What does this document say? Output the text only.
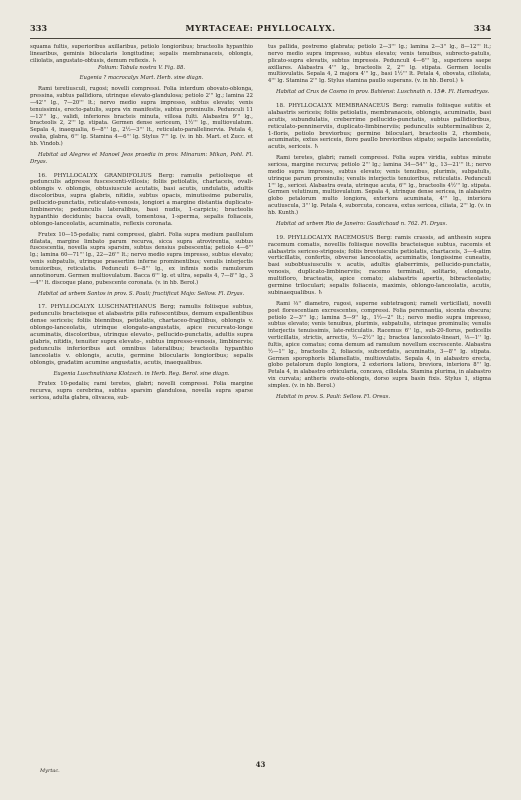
333	MYRTACEAE: PHYLLOCALYX.	334

squama fultis, superioribus axillaribus, petiolo longioribus; bracteolis hypanthio linearibus, geminis bilocularis longitudine; sepalis membranaceis, oblongis, ciliolatis, angustato-obtusis, demum reflexis. ♄

Folium: Tabula nostra V. Fig. 88.

Eugenia ? macrocalyx Mart. Herb. sine diagn.

Rami teretiusculi, rugosi; novelli compressi. Folia interdum obovato-oblonga, pressina, subtus pallidiora, utrinque elevato-glandulosa; petiolo 2''' lg.; lamina 22—42''' lg., 7—20''' lt.; nervo medio supra impresso, subtus elevato; venis tenuissimis, erecto-patulis, supra vix manifestis, subtus prominulis. Pedunculi 11—13''' lg., validi, inferiores bracteis minuta, villosa fulti. Alabastra 9''' lg., bracteolis 2, 2''' lg. stipata. Germen dense sericeum, 1½''' lg., multiovulatum. Sepala 4, inaequalia, 6—8''' lg., 2½—3''' lt., reticulato-parallelinervia. Petala 4, ovalia, glabra, 6''' lg. Stamina 4—6''' lg. Stylus 7''' lg. (v. in hb. Mart. et Zucc. et hb. Vindob.)

Habitat ad Alegres et Manoel Jeos praedia in prov. Minarum: Mikan, Pohl. Fl. Dryas.

16. PHYLLOCALYX GRANDIFOLIUS Berg: ramulis petiolisque et pedunculis adpresse fuscescenti-villosis; foliis petiolatis, chartaceis, ovali-oblongis v. oblongis, obtusiuscule acutatis, basi acutis, undulatis, adultis discoloribus, supra glabris, nitidis, subtus opacis, minutissime puberulis, pellucido-punctatis, reticulato-venosis, longiori a margine distantia duplicato-limbinervis; pedunculis lateralibus, basi nudis, 1-carpicis; bracteolis hypanthio decidunis; bacca ovali, tomentosa, 1-sperma, sepalis foliaceis, oblongo-lanceolatis, acuminatis, reflexis coronata.

Frutex 10—15-pedalis; rami compressi, glabri. Folia supra medium paullulum dilatata, margine limbato parum recurva, sicca supra atrovirentia, subtus fuscescentia, novella supra sparsim, subtus densius pubescentia; petiolo 4—6''' lg.; lamina 60—71''' lg., 22—26''' lt.; nervo medio supra impresso, subtus elevato; venis subpatulis, utrinque praesertim inferne prominentibus; venulis interjectis tenuioribus, reticulatis. Pedunculi 6—8''' lg., ex infimis nodis ramulorum annotinorum. Germen multiovulatum. Bacca 6''' lg. et ultra, sepalis 4, 7—8''' lg., 3—4''' lt. discoque plano, pubescente coronata. (v. in hb. Berol.)

Habitat ad urbem Santos in prov. S. Pauli; fructificat Majo: Sellow. Fl. Dryas.

17. PHYLLOCALYX LUSCHNATHIANUS Berg; ramulis foliisque subtus, pedunculis bracteisque et alabastris pilis rufescentibus, demum expallentibus dense sericeis; foliis biennibus, petiolatis, chartaceo-fragilibus, oblongis v. oblongo-lanceolatis, utrinque elongato-angustatis, apice recurvato-longe acuminatis, discoloribus, utrinque elevato-, pellucido-punctatis, adultis supra glabris, nitidis, tenuiter supra elevato-, subtus impresso-venosis, limbinervis; pedunculis inferioribus aut omnibus lateralibus; bracteolis hypanthio lanceolatis v. oblongis, acutis, germine bilocularis longioribus; sepalis oblongis, gradatim acumine angustatis, acutis, inaequalibus.

Eugenia Luschnathiana Klotzsch. in Herb. Reg. Berol. sine diagn.

Frutex 10-pedalis; rami teretes, glabri; novelli compressi. Folia margine recurva, supra cerebrina, subtus sparsim glandulosa, novella supra sparse sericea, adulta glabra, olivacea, sub-

tus pallida, postremo glabrata; petiolo 2—3''' lg.; lamina 2—3'' lg., 8—12''' lt.; nervo medio supra impresso, subtus elevato; venis tenuibus, subrecto-patulis, plicato-supra elevatis, subtus impressis. Pedunculi 4—6''' lg., superiores saepe axillares. Alabastra 4''' lg., bracteolis 2, 2''' lg. stipata. Germen loculis multiovulatis. Sepala 4, 2 majora 4''' lg., basi 1½''' lt. Petala 4, obovata, ciliolata, 4''' lg. Stamina 2''' lg. Stylus stamina paullo superans. (v. in hb. Berol.) ♄

Habitat ad Crux de Cosmo in prov. Bahiensi: Luschnath n. 15#. Fl. Hamadryas.

18. PHYLLOCALYX MEMBRANACEUS Berg: ramulis foliisque sutitis et alabastris sericeis; foliis petiolatis, membranaceis, oblongis, acuminatis, basi acutis, subundulatis, creberrime pellucido-punctatis, subtus pallidioribus, reticulato-penninerviis, duplicato-limbinerviis; pedunculis subterminalibus 2, 1-floris, petiolo breviorbus; germine biloculari, bracteolis 2, rhombeis, acuminatis, extus sericeis, flore paullo brevioribus stipato; sepalis lanceolatis, acutis, sericeis. ♄

Rami teretes, glabri; rameli compressi. Folia supra viridia, subtus minute sericea, margine recurva; petiolo 2''' lg.; lamina 34—54''' lg., 13—21''' lt.; nervo medio supra impresso, subtus elevato; venis tenuibus, plurimis, subpatulis, utrinque parum prominulis; venulis interjectis tenuioribus, reticulatis. Pedunculi 1''' lg., sericei. Alabastra ovata, utrinque acuta, 6''' lg., bracteolis 4½''' lg. stipata. Germen velutinum, multiovulatum. Sepala 4, utrinque dense sericea, in alabastro globo petalorum multo longiora, exteriora acuminata, 4''' lg., interiora acutiuscula, 3''' lg. Petala 4, suborcuta, concava, extus sericea, ciliata, 2''' lg. (v. in hb. Kunth.)

Habitat ad urbem Rio de Janeiro: Gaudichaud n. 762. Fl. Dryas.

19. PHYLLOCALYX RACEMOSUS Berg: ramis crassis, ad anthesin supra racemum comatis, novellis foliisque novellis bracteisque subtus, racemis et alabastris sericeo-strigosis; foliis breviusculis petiolatis, chartaceis, 3—4-atim verticillatis, confertis, obverse lanceolatis, acuminatis, longissime cuneatis, basi subobtusiusculis v. acutis, adultis glaberrimis, pellucido-punctatis, venosis, duplicato-limbinerviis; racemo terminali, solitario, elongato, multifloro, bracteatis, apice comato; alabastris apertis, bibracteolatis; germine triloculari; sepalis foliaceis, maximis, oblongo-lanceolatis, acutis, subinaequalibus. ♄

Rami ⅓'' diametro, rugosi, superne subtetragoni; rameli verticillati, novelli post florescentiam excrescentes, compressi. Folia perennantia, sicenta obscura; petiolo 2—3''' lg.; lamina 5—9'' lg., 1½—2'' lt.; nervo medio supra impresso, subtus elevato; venis tenuibus, plurimis, subpatulis, utrinque prominulis; venulis interjectis tenuissimis, late-reticulatis. Racemus 6'' lg., sub-20-florus, pedicellis verticillatis, strictis, arrectis, ½—2½'' lg.; bractea lanceolato-lineari, ⅓—1'' lg. fultis, apice comatus; coma demum ad ramulum novellum excrescente. Alabastra ½—1'' lg., bracteolis 2, foliaceis, subcordatis, acuminatis, 3—8''' lg. stipata. Germen sporophoris bilamellatis, multiovulatis. Sepala 4, in alabastro erecta, globo petalorum duplo longiora, 2 exteriora latiora, breviora, interiora 8''' lg. Petala 4, in alabastro orbicularia, concava, ciliolata. Stamina plurima, in alabastro vix curvata; antheris ovato-oblongis, dorso supra basin fixis. Stylus 1, stigma simplex. (v. in hb. Berol.)

Habitat in prov. S. Pauli: Sellow. Fl. Oreas.

Myrtac.
43
